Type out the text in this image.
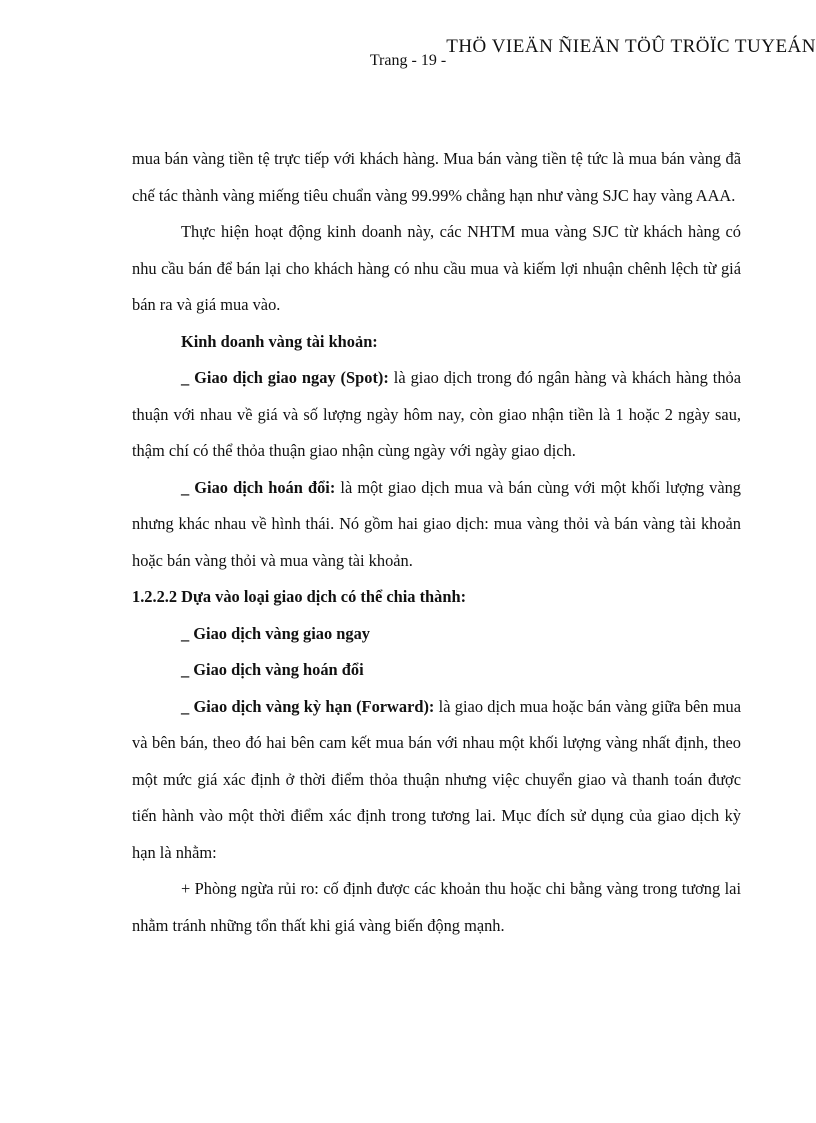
THÖ VIEÄN ÑIEÄN TÖÛ TRÖÏC TUYEÁN
Trang - 19 -

mua bán vàng tiền tệ trực tiếp với khách hàng. Mua bán vàng tiền tệ tức là mua bán vàng đã chế tác thành vàng miếng tiêu chuẩn vàng 99.99% chẳng hạn như vàng SJC hay vàng AAA.

Thực hiện hoạt động kinh doanh này, các NHTM mua vàng SJC từ khách hàng có nhu cầu bán để bán lại cho khách hàng có nhu cầu mua và kiếm lợi nhuận chênh lệch từ giá bán ra và giá mua vào.

Kinh doanh vàng tài khoản:

_ Giao dịch giao ngay (Spot): là giao dịch trong đó ngân hàng và khách hàng thỏa thuận với nhau về giá và số lượng ngày hôm nay, còn giao nhận tiền là 1 hoặc 2 ngày sau, thậm chí có thể thỏa thuận giao nhận cùng ngày với ngày giao dịch.

_ Giao dịch hoán đổi: là một giao dịch mua và bán cùng với một khối lượng vàng nhưng khác nhau về hình thái. Nó gồm hai giao dịch: mua vàng thỏi và bán vàng tài khoản hoặc bán vàng thỏi và mua vàng tài khoản.

1.2.2.2 Dựa vào loại giao dịch có thể chia thành:

_ Giao dịch vàng giao ngay

_ Giao dịch vàng hoán đổi

_ Giao dịch vàng kỳ hạn (Forward): là giao dịch mua hoặc bán vàng giữa bên mua và bên bán, theo đó hai bên cam kết mua bán với nhau một khối lượng vàng nhất định, theo một mức giá xác định ở thời điểm thỏa thuận nhưng việc chuyển giao và thanh toán được tiến hành vào một thời điểm xác định trong tương lai. Mục đích sử dụng của giao dịch kỳ hạn là nhằm:

+ Phòng ngừa rủi ro: cố định được các khoản thu hoặc chi bằng vàng trong tương lai nhằm tránh những tổn thất khi giá vàng biến động mạnh.
